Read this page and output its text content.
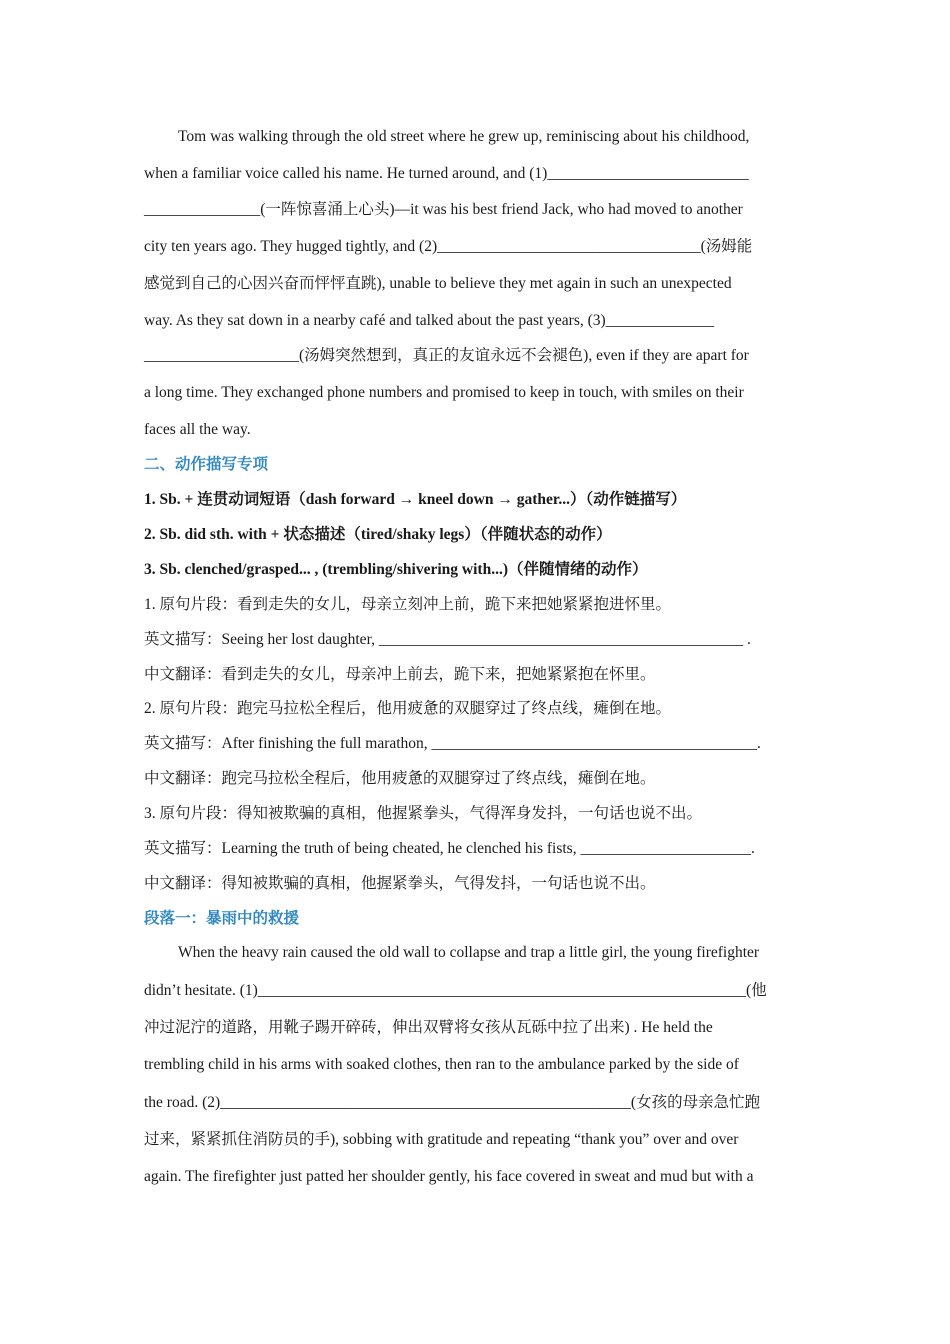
Tom was walking through the old street where he grew up, reminiscing about his childhood,
when a familiar voice called his name. He turned around, and (1)__________________________
_______________(一阵惊喜涌上心头)—it was his best friend Jack, who had moved to another
city ten years ago. They hugged tightly, and (2)__________________________________(汤姆能
感觉到自己的心因兴奋而怦怦直跳), unable to believe they met again in such an unexpected
way. As they sat down in a nearby café and talked about the past years, (3)______________
____________________(汤姆突然想到，真正的友谊永远不会褪色), even if they are apart for
a long time. They exchanged phone numbers and promised to keep in touch, with smiles on their
faces all the way.
二、动作描写专项
1. Sb. + 连贯动词短语（dash forward → kneel down → gather...）（动作链描写）
2. Sb. did sth. with + 状态描述（tired/shaky legs）（伴随状态的动作）
3. Sb. clenched/grasped... , (trembling/shivering with...)（伴随情绪的动作）
1. 原句片段：看到走失的女儿，母亲立刻冲上前，跪下来把她紧紧抱进怀里。
英文描写：Seeing her lost daughter, _______________________________________________ .
中文翻译：看到走失的女儿，母亲冲上前去，跪下来，把她紧紧抱在怀里。
2. 原句片段：跑完马拉松全程后，他用疲惫的双腿穿过了终点线，瘫倒在地。
英文描写：After finishing the full marathon, __________________________________________.
中文翻译：跑完马拉松全程后，他用疲惫的双腿穿过了终点线，瘫倒在地。
3. 原句片段：得知被欺骗的真相，他握紧拳头，气得浑身发抖，一句话也说不出。
英文描写：Learning the truth of being cheated, he clenched his fists, ______________________.
中文翻译：得知被欺骗的真相，他握紧拳头，气得发抖，一句话也说不出。
段落一：暴雨中的救援
When the heavy rain caused the old wall to collapse and trap a little girl, the young firefighter
didn’t hesitate. (1)_______________________________________________________________(他
冲过泥泞的道路，用靴子踢开碎砖，伸出双臂将女孩从瓦砾中拉了出来) . He held the
trembling child in his arms with soaked clothes, then ran to the ambulance parked by the side of
the road. (2)_____________________________________________________(女孩的母亲急忙跑
过来，紧紧抓住消防员的手), sobbing with gratitude and repeating “thank you” over and over
again. The firefighter just patted her shoulder gently, his face covered in sweat and mud but with a
